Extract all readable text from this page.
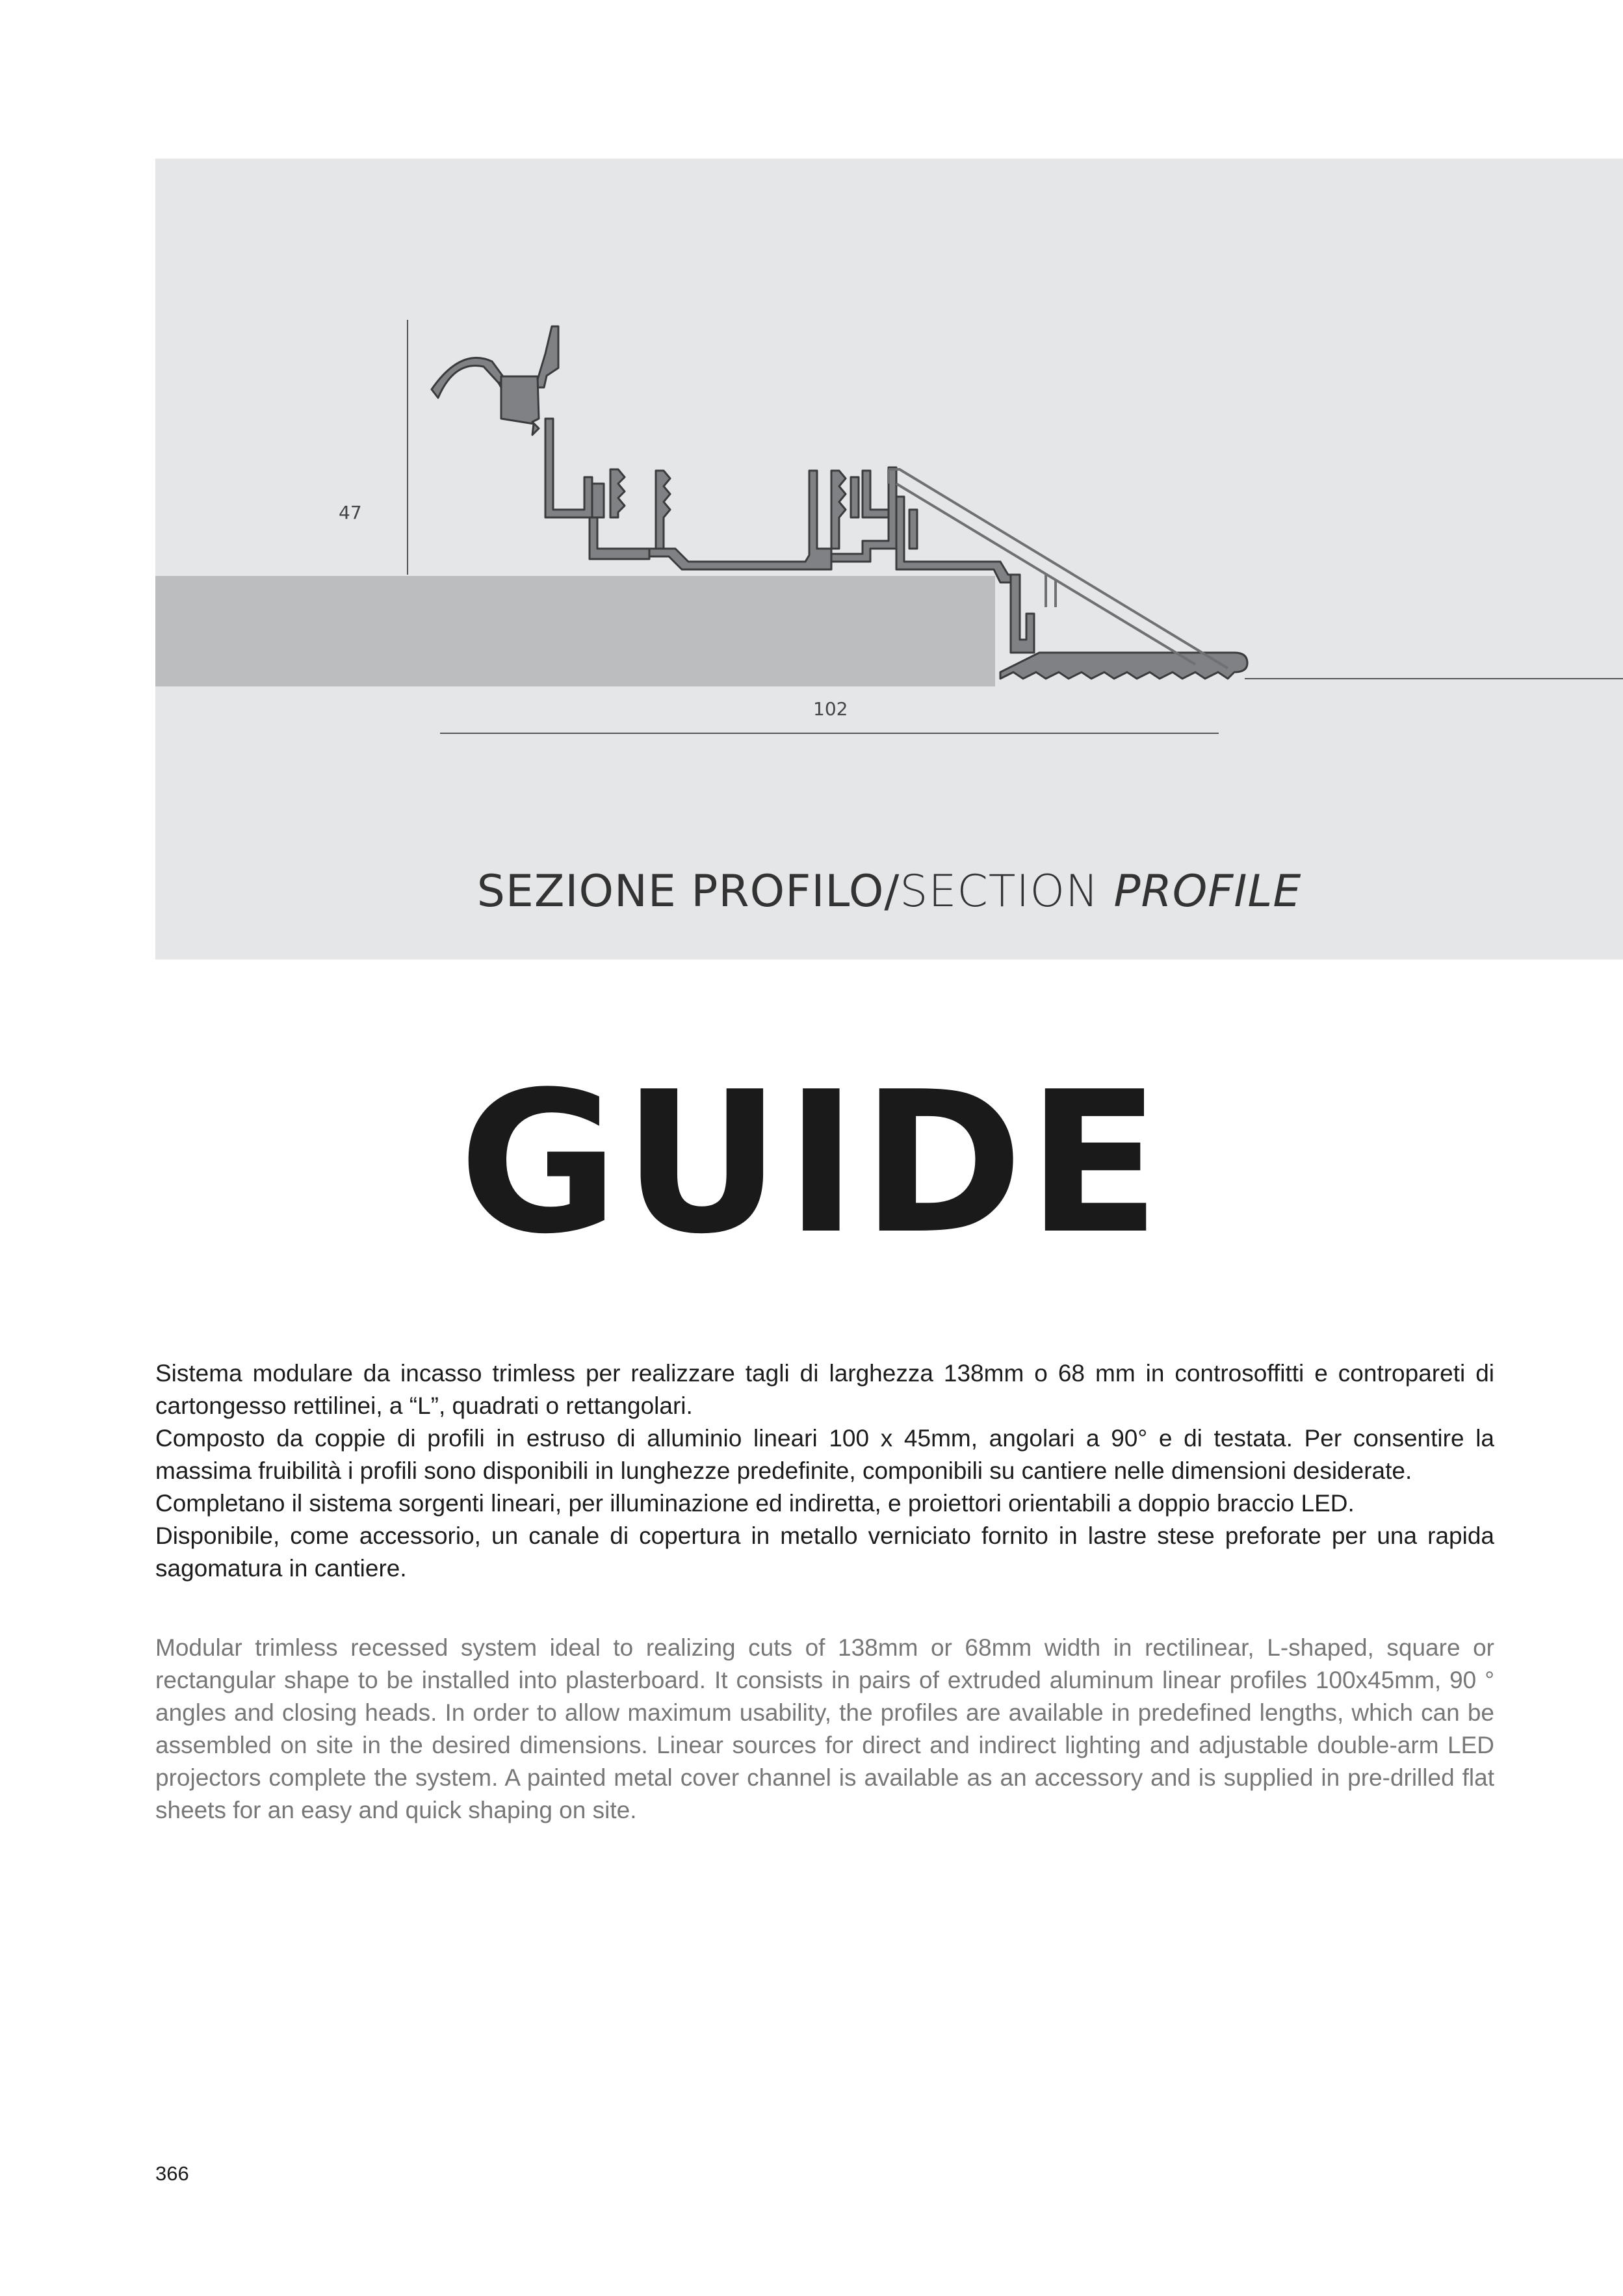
47
102
SEZIONE PROFILO/SECTION PROFILE
GUIDE

Sistema modulare da incasso trimless per realizzare tagli di larghezza 138mm o 68 mm in controsoffitti e contropareti di cartongesso rettilinei, a “L”, quadrati o rettangolari.

Composto da coppie di profili in estruso di alluminio lineari 100 x 45mm, angolari a 90° e di testata. Per consentire la massima fruibilità i profili sono disponibili in lunghezze predefinite, componibili su cantiere nelle dimensioni desiderate.

Completano il sistema sorgenti lineari, per illuminazione ed indiretta, e proiettori orientabili a doppio braccio LED.

Disponibile, come accessorio, un canale di copertura in metallo verniciato fornito in lastre stese preforate per una rapida sagomatura in cantiere.

Modular trimless recessed system ideal to realizing cuts of 138mm or 68mm width in rectilinear, L-shaped, square or rectangular shape to be installed into plasterboard. It consists in pairs of extruded aluminum linear profiles 100x45mm, 90 ° angles and closing heads. In order to allow maximum usability, the profiles are available in predefined lengths, which can be assembled on site in the desired dimensions. Linear sources for direct and indirect lighting and adjustable double-arm LED projectors complete the system. A painted metal cover channel is available as an accessory and is supplied in pre-drilled flat sheets for an easy and quick shaping on site.
366
